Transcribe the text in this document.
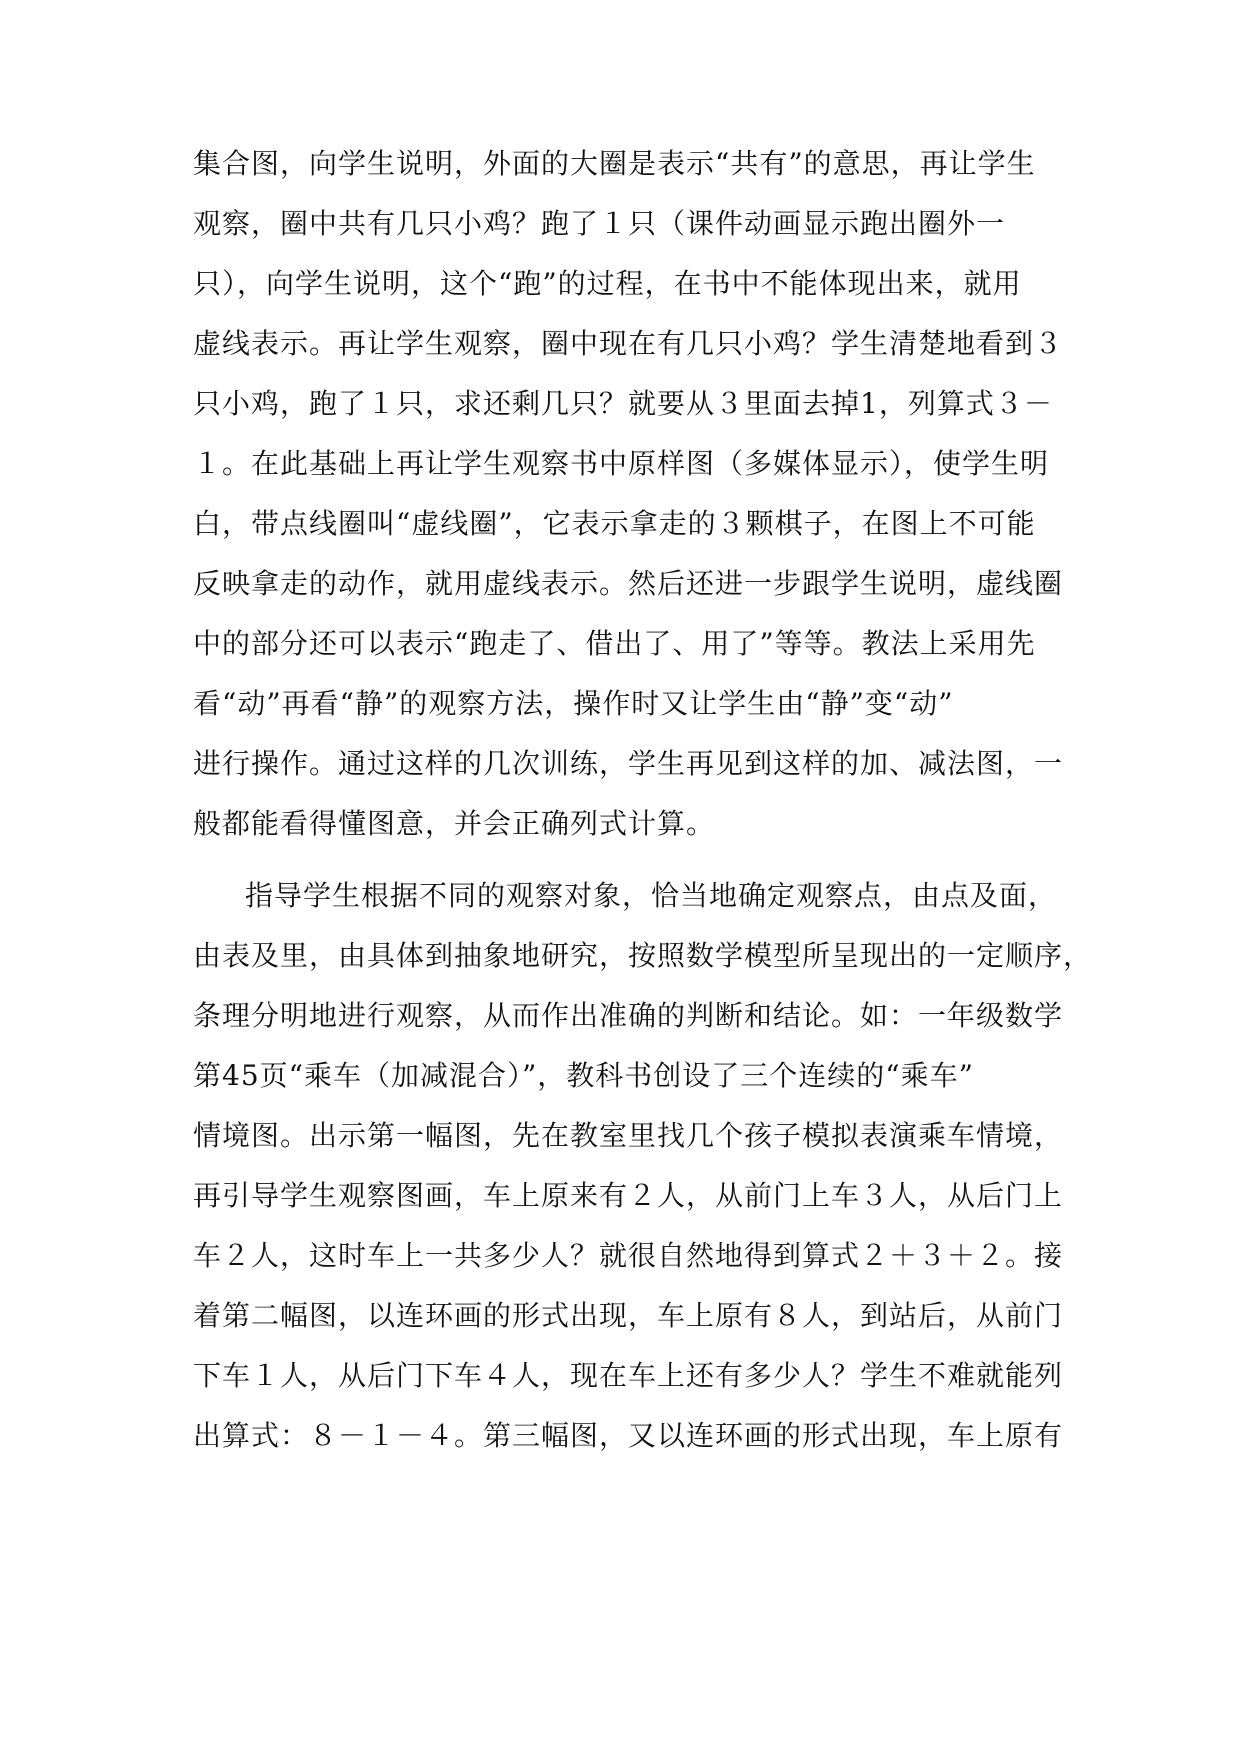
集合图，向学生说明，外面的大圈是表示“共有”的意思，再让学生
观察，圈中共有几只小鸡？跑了１只（课件动画显示跑出圈外一
只），向学生说明，这个“跑”的过程，在书中不能体现出来，就用
虚线表示。再让学生观察，圈中现在有几只小鸡？学生清楚地看到３
只小鸡，跑了１只，求还剩几只？就要从３里面去掉1，列算式３－
１。在此基础上再让学生观察书中原样图（多媒体显示），使学生明
白，带点线圈叫“虚线圈”，它表示拿走的３颗棋子，在图上不可能
反映拿走的动作，就用虚线表示。然后还进一步跟学生说明，虚线圈
中的部分还可以表示“跑走了、借出了、用了”等等。教法上采用先
看“动”再看“静”的观察方法，操作时又让学生由“静”变“动”
进行操作。通过这样的几次训练，学生再见到这样的加、减法图，一
般都能看得懂图意，并会正确列式计算。
指导学生根据不同的观察对象，恰当地确定观察点，由点及面，
由表及里，由具体到抽象地研究，按照数学模型所呈现出的一定顺序，
条理分明地进行观察，从而作出准确的判断和结论。如：一年级数学
第45页“乘车（加减混合）”，教科书创设了三个连续的“乘车”
情境图。出示第一幅图，先在教室里找几个孩子模拟表演乘车情境，
再引导学生观察图画，车上原来有２人，从前门上车３人，从后门上
车２人，这时车上一共多少人？就很自然地得到算式２＋３＋２。接
着第二幅图，以连环画的形式出现，车上原有８人，到站后，从前门
下车１人，从后门下车４人，现在车上还有多少人？学生不难就能列
出算式：８－１－４。第三幅图，又以连环画的形式出现，车上原有
